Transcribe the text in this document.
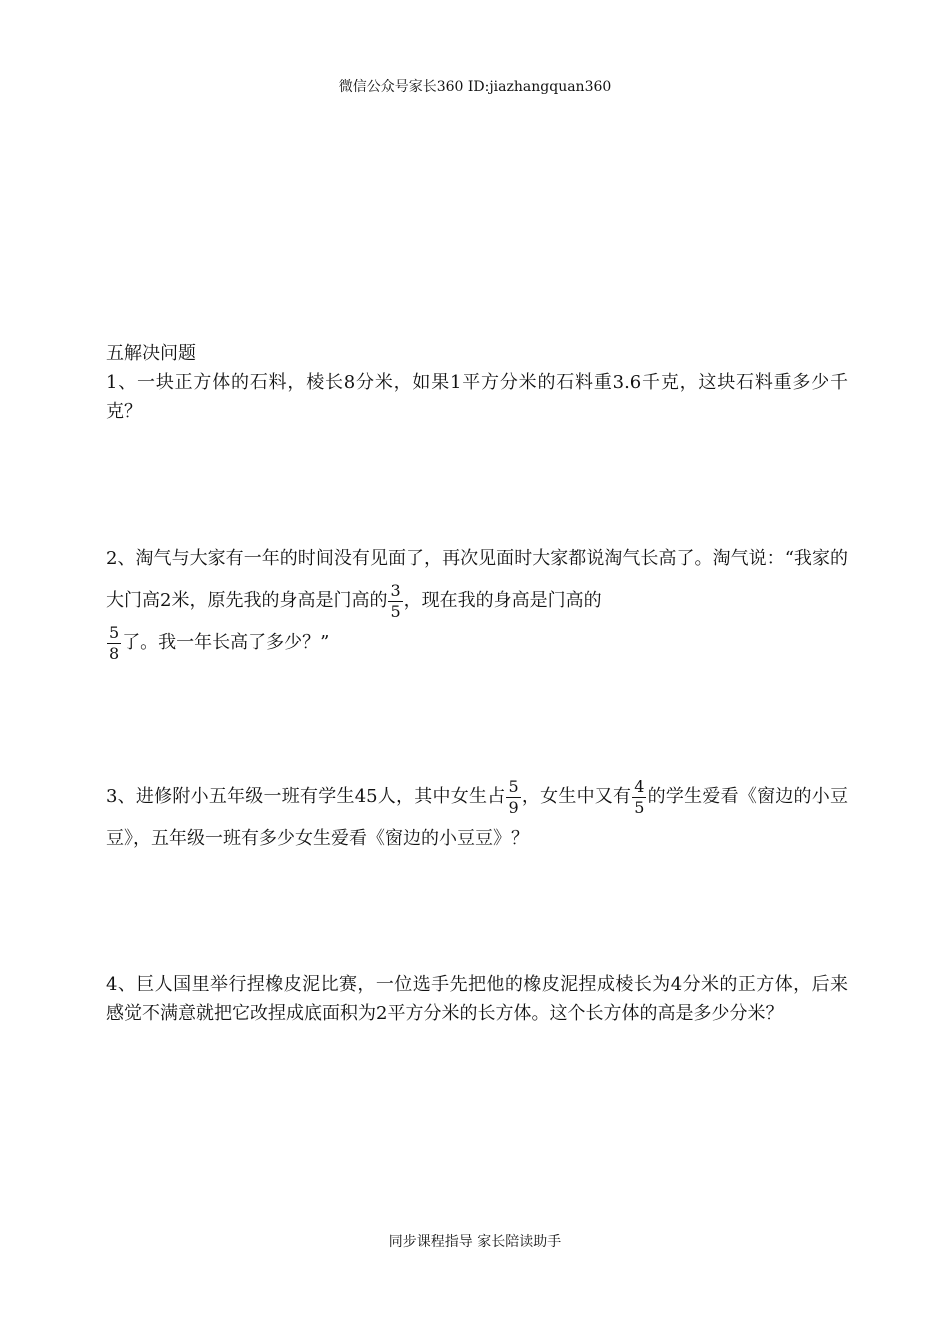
微信公众号家长360 ID:jiazhangquan360
五解决问题
1、一块正方体的石料，棱长8分米，如果1平方分米的石料重3.6千克，这块石料重多少千克？
2、淘气与大家有一年的时间没有见面了，再次见面时大家都说淘气长高了。淘气说：“我家的大门高2米，原先我的身高是门高的 $\frac{3}{5}$ ，现在我的身高是门高的

$\frac{5}{8}$ 了。我一年长高了多少？”
3、进修附小五年级一班有学生45人，其中女生占 $\frac{5}{9}$ ，女生中又有 $\frac{4}{5}$ 的学生爱看《窗边的小豆豆》，五年级一班有多少女生爱看《窗边的小豆豆》？
4、巨人国里举行捏橡皮泥比赛，一位选手先把他的橡皮泥捏成棱长为4分米的正方体，后来感觉不满意就把它改捏成底面积为2平方分米的长方体。这个长方体的高是多少分米？
同步课程指导 家长陪读助手
